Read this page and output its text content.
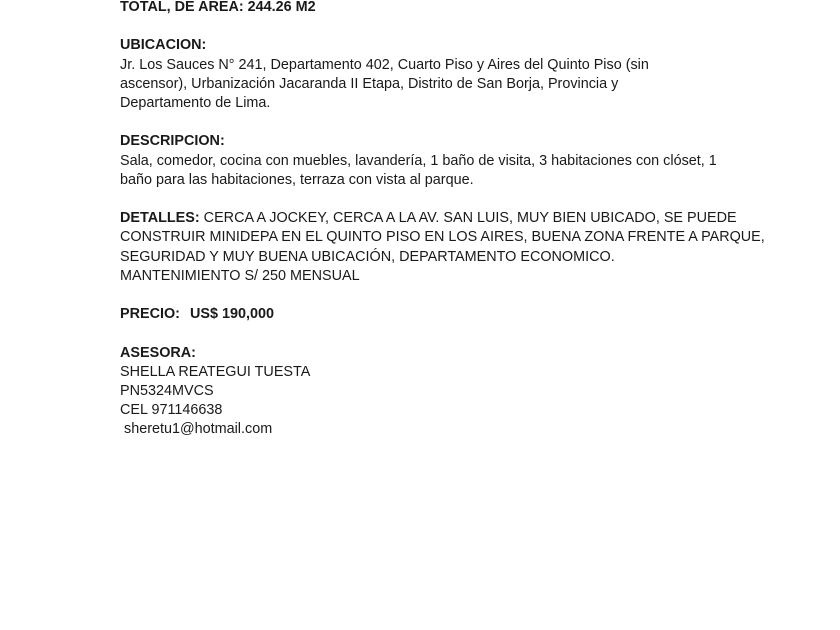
TOTAL, DE AREA: 244.26 M2
UBICACION:
Jr. Los Sauces N° 241, Departamento 402, Cuarto Piso y Aires del Quinto Piso (sin
ascensor), Urbanización Jacaranda II Etapa, Distrito de San Borja, Provincia y
Departamento de Lima.
DESCRIPCION:
Sala, comedor, cocina con muebles, lavandería, 1 baño de visita, 3 habitaciones con clóset, 1
baño para las habitaciones, terraza con vista al parque.
DETALLES: CERCA A JOCKEY, CERCA A LA AV. SAN LUIS, MUY BIEN UBICADO, SE PUEDE
CONSTRUIR MINIDEPA EN EL QUINTO PISO EN LOS AIRES, BUENA ZONA FRENTE A PARQUE,
SEGURIDAD Y MUY BUENA UBICACIÓN, DEPARTAMENTO ECONOMICO.
MANTENIMIENTO S/ 250 MENSUAL
PRECIO: US$ 190,000
ASESORA:
SHELLA REATEGUI TUESTA
PN5324MVCS
CEL 971146638
sheretu1@hotmail.com
